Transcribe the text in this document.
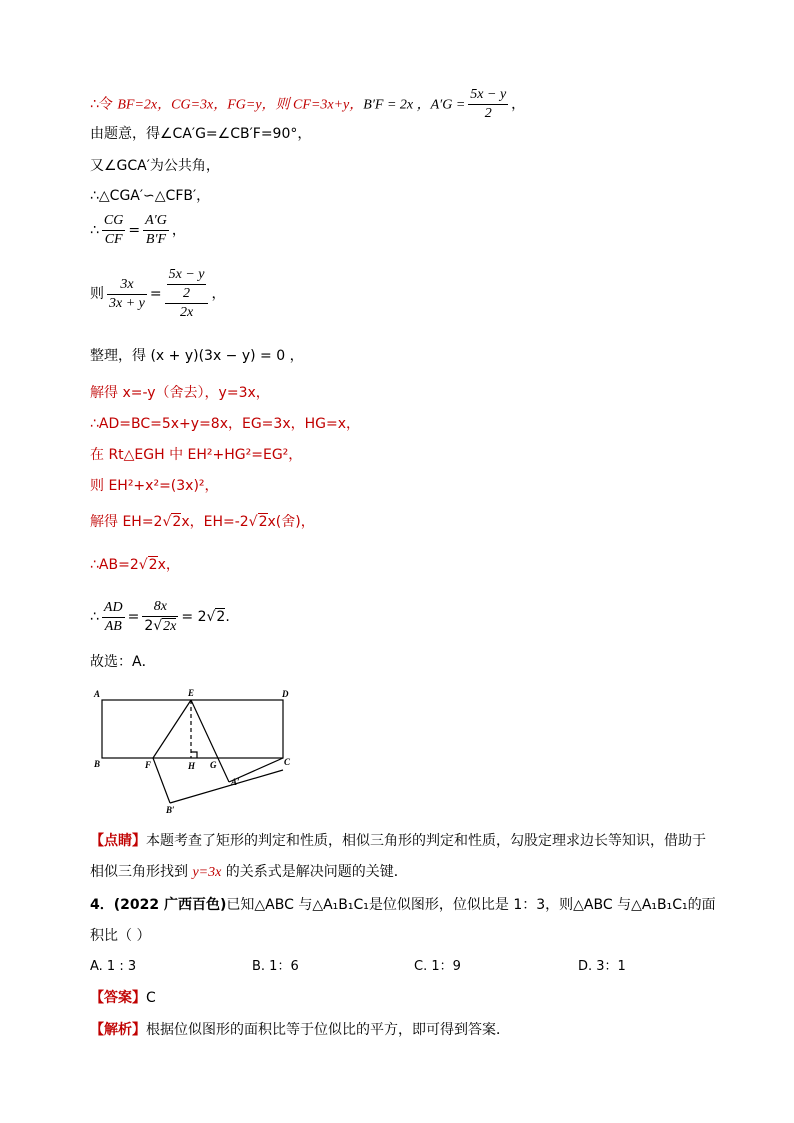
∴令 BF=2x，CG=3x，FG=y，则 CF=3x+y，B′F = 2x ，$A'G = \frac{5x - y}{2}$ ，
由题意，得∠CA′G=∠CB′F=90°，
又∠GCA′为公共角，
∴△CGA′∽△CFB′，
∴ $\frac{CG}{CF} = \frac{A'G}{B'F}$ ，
则 $\frac{3x}{3x + y} = \frac{\frac{5x - y}{2}}{2x}$ ，
整理，得 (x + y)(3x − y) = 0 ，
解得 x=-y（舍去），y=3x，
∴AD=BC=5x+y=8x，EG=3x，HG=x，
在 Rt△EGH 中 EH²+HG²=EG²，
则 EH²+x²=(3x)²，
解得 EH=2√2x，EH=-2√2x(舍)，
∴AB=2√2x，
∴ $\frac{AD}{AB} = \frac{8x}{2√2x} = 2√2$.
故选：A．
A	E	D
B	F	H G	C
A′
B′
【点睛】本题考查了矩形的判定和性质，相似三角形的判定和性质，勾股定理求边长等知识，借助于
相似三角形找到 y=3x 的关系式是解决问题的关键．
4．(2022 广西百色)已知△ABC 与△A₁B₁C₁是位似图形，位似比是 1：3，则△ABC 与△A₁B₁C₁的面
积比（ ）
A. 1 : 3	B. 1：6	C. 1：9	D. 3：1
【答案】C
【解析】根据位似图形的面积比等于位似比的平方，即可得到答案．
